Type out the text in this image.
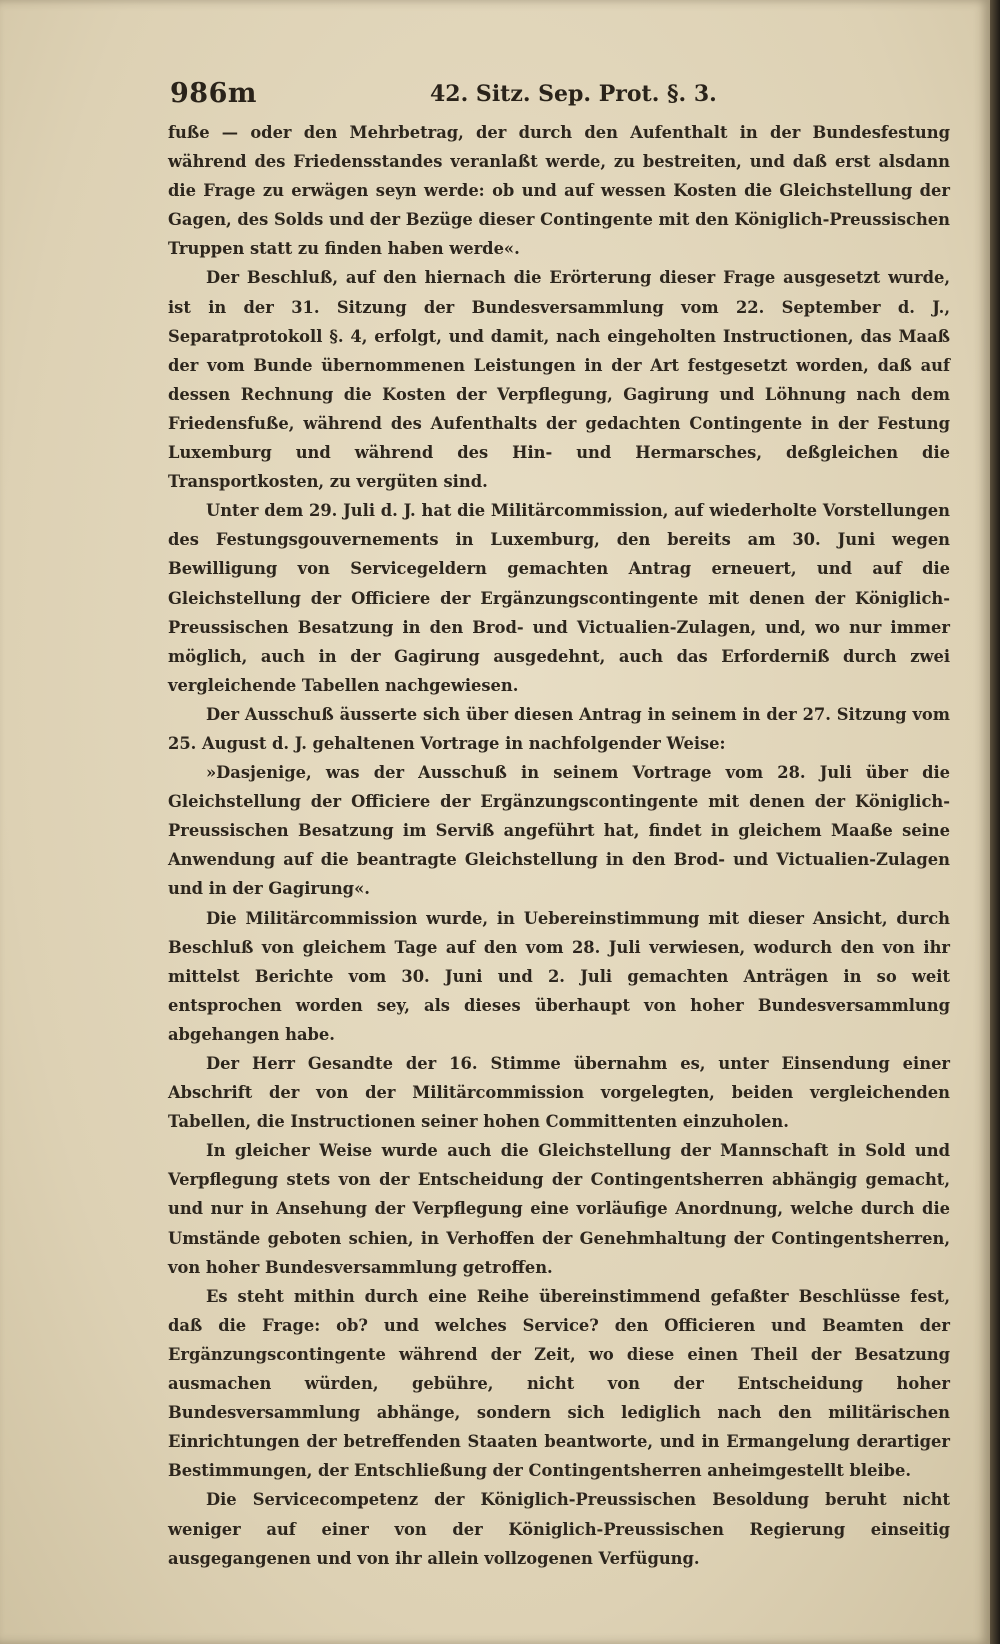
986m	42. Sitz. Sep. Prot. §. 3.

fuße — oder den Mehrbetrag, der durch den Aufenthalt in der Bundesfestung während des Friedensstandes veranlaßt werde, zu bestreiten, und daß erst alsdann die Frage zu erwägen seyn werde: ob und auf wessen Kosten die Gleichstellung der Gagen, des Solds und der Bezüge dieser Contingente mit den Königlich-Preussischen Truppen statt zu finden haben werde«.

Der Beschluß, auf den hiernach die Erörterung dieser Frage ausgesetzt wurde, ist in der 31. Sitzung der Bundesversammlung vom 22. September d. J., Separatprotokoll §. 4, erfolgt, und damit, nach eingeholten Instructionen, das Maaß der vom Bunde übernommenen Leistungen in der Art festgesetzt worden, daß auf dessen Rechnung die Kosten der Verpflegung, Gagirung und Löhnung nach dem Friedensfuße, während des Aufenthalts der gedachten Contingente in der Festung Luxemburg und während des Hin- und Hermarsches, deßgleichen die Transportkosten, zu vergüten sind.

Unter dem 29. Juli d. J. hat die Militärcommission, auf wiederholte Vorstellungen des Festungsgouvernements in Luxemburg, den bereits am 30. Juni wegen Bewilligung von Servicegeldern gemachten Antrag erneuert, und auf die Gleichstellung der Officiere der Ergänzungscontingente mit denen der Königlich-Preussischen Besatzung in den Brod- und Victualien-Zulagen, und, wo nur immer möglich, auch in der Gagirung ausgedehnt, auch das Erforderniß durch zwei vergleichende Tabellen nachgewiesen.

Der Ausschuß äusserte sich über diesen Antrag in seinem in der 27. Sitzung vom 25. August d. J. gehaltenen Vortrage in nachfolgender Weise:

»Dasjenige, was der Ausschuß in seinem Vortrage vom 28. Juli über die Gleichstellung der Officiere der Ergänzungscontingente mit denen der Königlich-Preussischen Besatzung im Serviß angeführt hat, findet in gleichem Maaße seine Anwendung auf die beantragte Gleichstellung in den Brod- und Victualien-Zulagen und in der Gagirung«.

Die Militärcommission wurde, in Uebereinstimmung mit dieser Ansicht, durch Beschluß von gleichem Tage auf den vom 28. Juli verwiesen, wodurch den von ihr mittelst Berichte vom 30. Juni und 2. Juli gemachten Anträgen in so weit entsprochen worden sey, als dieses überhaupt von hoher Bundesversammlung abgehangen habe.

Der Herr Gesandte der 16. Stimme übernahm es, unter Einsendung einer Abschrift der von der Militärcommission vorgelegten, beiden vergleichenden Tabellen, die Instructionen seiner hohen Committenten einzuholen.

In gleicher Weise wurde auch die Gleichstellung der Mannschaft in Sold und Verpflegung stets von der Entscheidung der Contingentsherren abhängig gemacht, und nur in Ansehung der Verpflegung eine vorläufige Anordnung, welche durch die Umstände geboten schien, in Verhoffen der Genehmhaltung der Contingentsherren, von hoher Bundesversammlung getroffen.

Es steht mithin durch eine Reihe übereinstimmend gefaßter Beschlüsse fest, daß die Frage: ob? und welches Service? den Officieren und Beamten der Ergänzungscontingente während der Zeit, wo diese einen Theil der Besatzung ausmachen würden, gebühre, nicht von der Entscheidung hoher Bundesversammlung abhänge, sondern sich lediglich nach den militärischen Einrichtungen der betreffenden Staaten beantworte, und in Ermangelung derartiger Bestimmungen, der Entschließung der Contingentsherren anheimgestellt bleibe.

Die Servicecompetenz der Königlich-Preussischen Besoldung beruht nicht weniger auf einer von der Königlich-Preussischen Regierung einseitig ausgegangenen und von ihr allein vollzogenen Verfügung.
